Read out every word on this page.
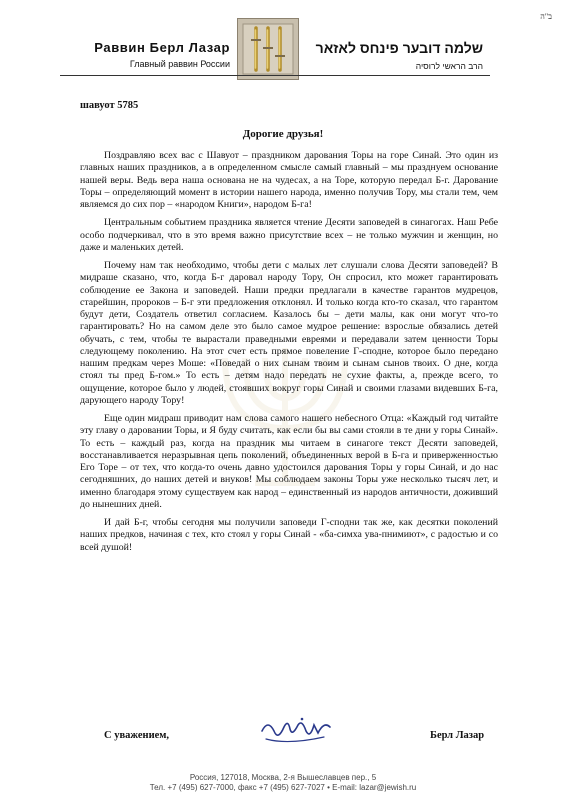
ב"ה
Раввин Берл Лазар
Главный раввин России
שלמה דובער פינחס לאזאר
הרב הראשי לרוסיה
шавуот 5785
Дорогие друзья!

Поздравляю всех вас с Шавуот – праздником дарования Торы на горе Синай. Это один из главных наших праздников, а в определенном смысле самый главный – мы празднуем основание нашей веры. Ведь вера наша основана не на чудесах, а на Торе, которую передал Б-г. Дарование Торы – определяющий момент в истории нашего народа, именно получив Тору, мы стали тем, чем являемся до сих пор – «народом Книги», народом Б-га!

Центральным событием праздника является чтение Десяти заповедей в синагогах. Наш Ребе особо подчеркивал, что в это время важно присутствие всех – не только мужчин и женщин, но даже и маленьких детей.

Почему нам так необходимо, чтобы дети с малых лет слушали слова Десяти заповедей? В мидраше сказано, что, когда Б-г даровал народу Тору, Он спросил, кто может гарантировать соблюдение ее Закона и заповедей. Наши предки предлагали в качестве гарантов мудрецов, старейшин, пророков – Б-г эти предложения отклонял. И только когда кто-то сказал, что гарантом будут дети, Создатель ответил согласием. Казалось бы – дети малы, как они могут что-то гарантировать? Но на самом деле это было самое мудрое решение: взрослые обязались детей обучать, с тем, чтобы те вырастали праведными евреями и передавали затем ценности Торы следующему поколению. На этот счет есть прямое повеление Г-сподне, которое было передано нашим предкам через Моше: «Поведай о них сынам твоим и сынам сынов твоих. О дне, когда стоял ты пред Б-гом.» То есть – детям надо передать не сухие факты, а, прежде всего, то ощущение, которое было у людей, стоявших вокруг горы Синай и своими глазами видевших Б-га, дарующего народу Тору!

Еще один мидраш приводит нам слова самого нашего небесного Отца: «Каждый год читайте эту главу о даровании Торы, и Я буду считать, как если бы вы сами стояли в те дни у горы Синай». То есть – каждый раз, когда на праздник мы читаем в синагоге текст Десяти заповедей, восстанавливается неразрывная цепь поколений, объединенных верой в Б-га и приверженностью Его Торе – от тех, что когда-то очень давно удостоился дарования Торы у горы Синай, и до нас сегодняшних, до наших детей и внуков! Мы соблюдаем законы Торы уже несколько тысяч лет, и именно благодаря этому существуем как народ – единственный из народов античности, доживший до нынешних дней.

И дай Б-г, чтобы сегодня мы получили заповеди Г-сподни так же, как десятки поколений наших предков, начиная с тех, кто стоял у горы Синай - «ба-симха ува-пнимиют», с радостью и со всей душой!

С уважением,	Берл Лазар
Россия, 127018, Москва, 2-я Вышеславцев пер., 5
Тел. +7 (495) 627-7000, факс +7 (495) 627-7027 • E-mail: lazar@jewish.ru
